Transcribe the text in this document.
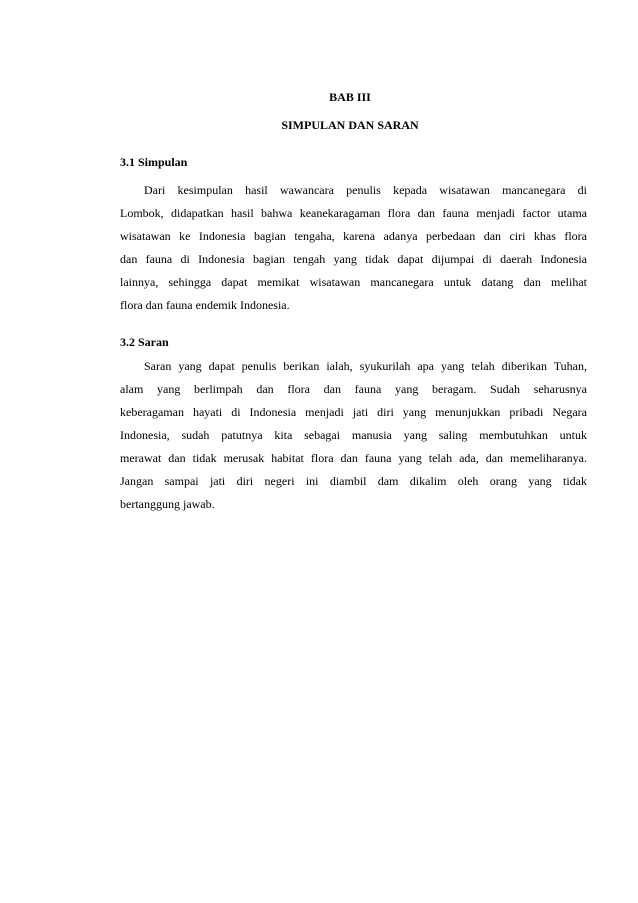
BAB III
SIMPULAN DAN SARAN
3.1 Simpulan
Dari kesimpulan hasil wawancara penulis kepada wisatawan mancanegara di
Lombok, didapatkan hasil bahwa keanekaragaman flora dan fauna menjadi factor utama
wisatawan ke Indonesia bagian tengaha, karena adanya perbedaan dan ciri khas flora
dan fauna di Indonesia bagian tengah yang tidak dapat dijumpai di daerah Indonesia
lainnya, sehingga dapat memikat wisatawan mancanegara untuk datang dan melihat
flora dan fauna endemik Indonesia.
3.2 Saran
Saran yang dapat penulis berikan ialah, syukurilah apa yang telah diberikan Tuhan,
alam yang berlimpah dan flora dan fauna yang beragam. Sudah seharusnya
keberagaman hayati di Indonesia menjadi jati diri yang menunjukkan pribadi Negara
Indonesia, sudah patutnya kita sebagai manusia yang saling membutuhkan untuk
merawat dan tidak merusak habitat flora dan fauna yang telah ada, dan memeliharanya.
Jangan sampai jati diri negeri ini diambil dam dikalim oleh orang yang tidak
bertanggung jawab.
